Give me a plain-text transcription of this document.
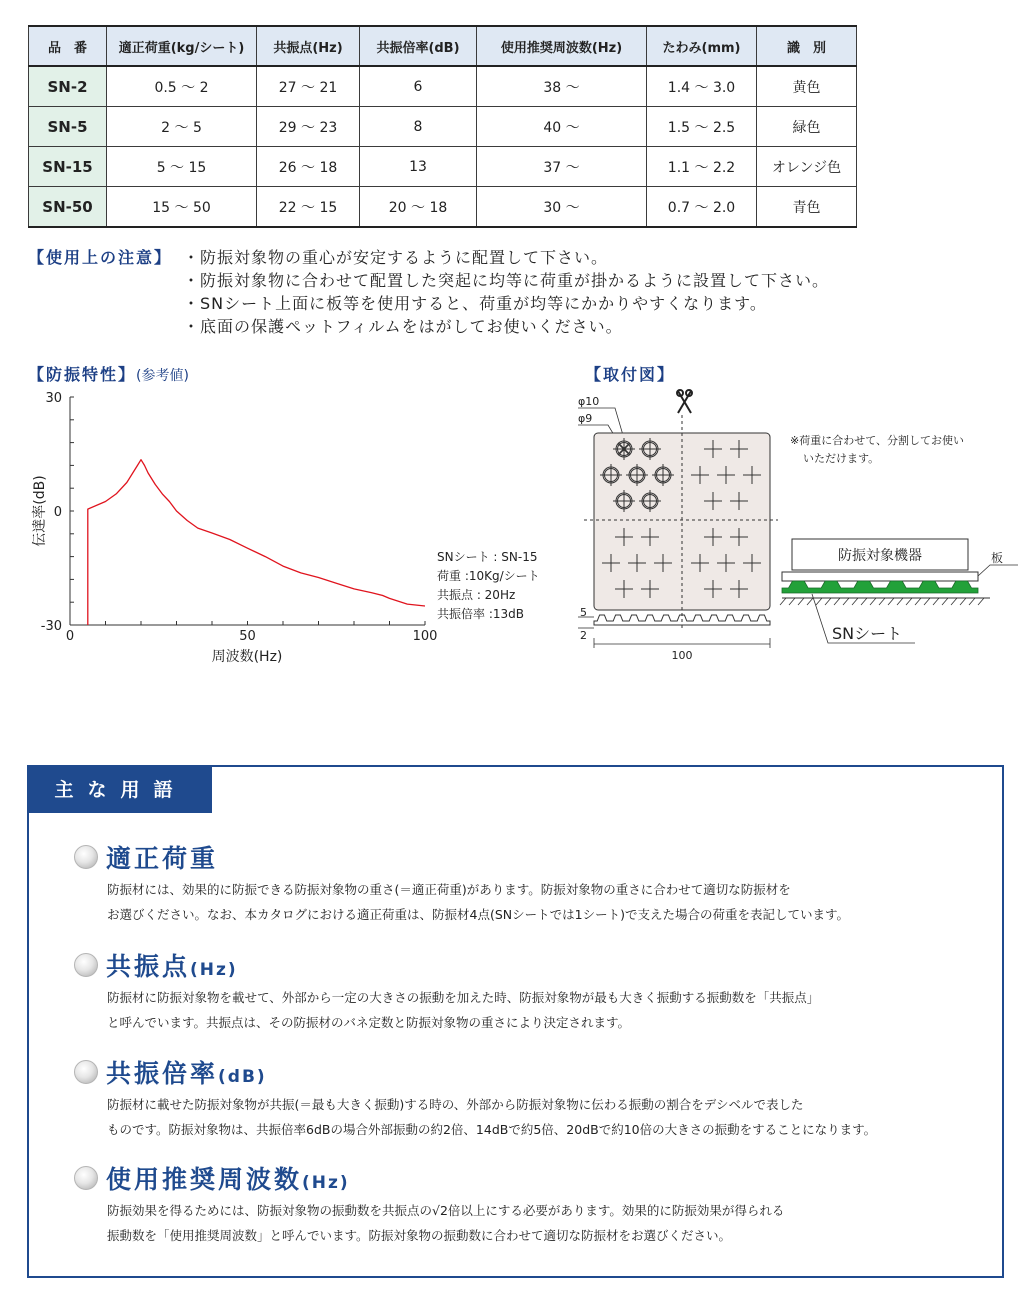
品　番	適正荷重(kg/シート)	共振点(Hz)	共振倍率(dB)	使用推奨周波数(Hz)	たわみ(mm)	識　別
SN-2	0.5 ～ 2	27 ～ 21	6	38 ～	1.4 ～ 3.0	黄色
SN-5	2 ～ 5	29 ～ 23	8	40 ～	1.5 ～ 2.5	緑色
SN-15	5 ～ 15	26 ～ 18	13	37 ～	1.1 ～ 2.2	オレンジ色
SN-50	15 ～ 50	22 ～ 15	20 ～ 18	30 ～	0.7 ～ 2.0	青色
【使用上の注意】 ・防振対象物の重心が安定するように配置して下さい。
・防振対象物に合わせて配置した突起に均等に荷重が掛かるように設置して下さい。
・SNシート上面に板等を使用すると、荷重が均等にかかりやすくなります。
・底面の保護ペットフィルムをはがしてお使いください。
【防振特性】(参考値)
30
0
-30
0	50	100
周波数(Hz)
伝達率(dB)
SNシート : SN-15
荷重 :10Kg/シート
共振点 : 20Hz
共振倍率 :13dB
【取付図】
φ10
φ9
100
5
2
防振対象機器	板
SNシート
※荷重に合わせて、分割してお使い
いただけます。
主な用語
適正荷重
防振材には、効果的に防振できる防振対象物の重さ(＝適正荷重)があります。防振対象物の重さに合わせて適切な防振材を
お選びください。なお、本カタログにおける適正荷重は、防振材4点(SNシートでは1シート)で支えた場合の荷重を表記しています。
共振点(Hz)
防振材に防振対象物を載せて、外部から一定の大きさの振動を加えた時、防振対象物が最も大きく振動する振動数を「共振点」
と呼んでいます。共振点は、その防振材のバネ定数と防振対象物の重さにより決定されます。
共振倍率(dB)
防振材に載せた防振対象物が共振(＝最も大きく振動)する時の、外部から防振対象物に伝わる振動の割合をデシベルで表した
ものです。防振対象物は、共振倍率6dBの場合外部振動の約2倍、14dBで約5倍、20dBで約10倍の大きさの振動をすることになります。
使用推奨周波数(Hz)
防振効果を得るためには、防振対象物の振動数を共振点の√2倍以上にする必要があります。効果的に防振効果が得られる
振動数を「使用推奨周波数」と呼んでいます。防振対象物の振動数に合わせて適切な防振材をお選びください。
